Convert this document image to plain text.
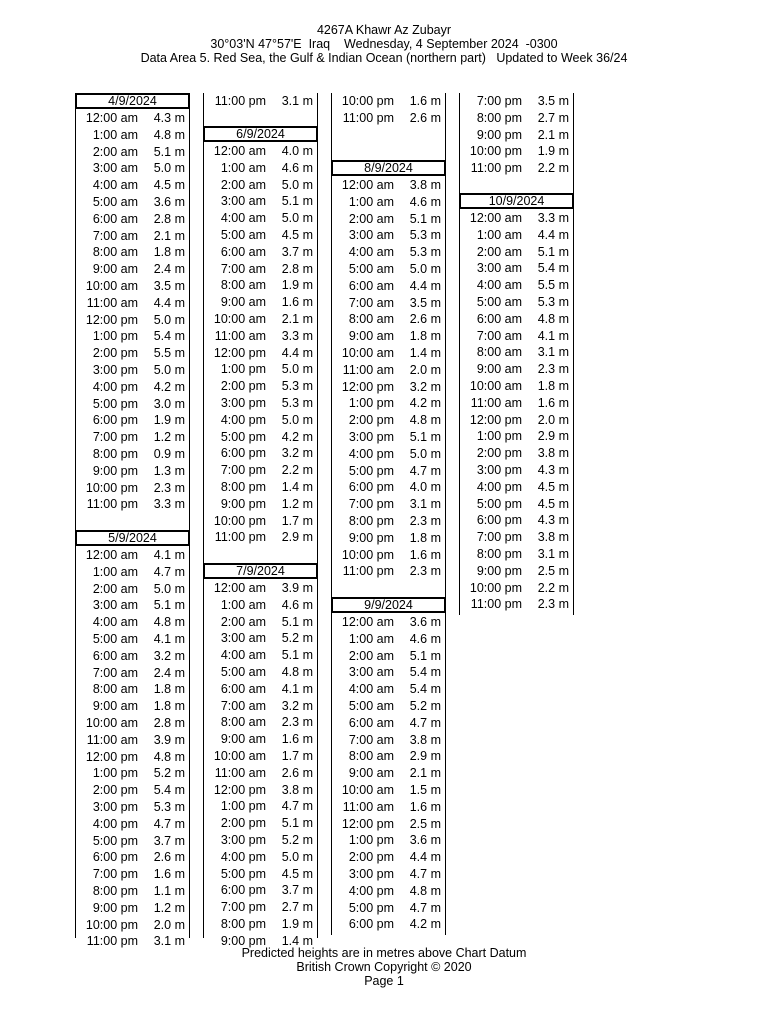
4267A Khawr Az Zubayr
30°03'N 47°57'E  Iraq    Wednesday, 4 September 2024  -0300
Data Area 5. Red Sea, the Gulf & Indian Ocean (northern part)   Updated to Week 36/24
4/9/2024
12:00 am 4.3 m
1:00 am 4.8 m
2:00 am 5.1 m
3:00 am 5.0 m
4:00 am 4.5 m
5:00 am 3.6 m
6:00 am 2.8 m
7:00 am 2.1 m
8:00 am 1.8 m
9:00 am 2.4 m
10:00 am 3.5 m
11:00 am 4.4 m
12:00 pm 5.0 m
1:00 pm 5.4 m
2:00 pm 5.5 m
3:00 pm 5.0 m
4:00 pm 4.2 m
5:00 pm 3.0 m
6:00 pm 1.9 m
7:00 pm 1.2 m
8:00 pm 0.9 m
9:00 pm 1.3 m
10:00 pm 2.3 m
11:00 pm 3.3 m
5/9/2024
12:00 am 4.1 m
1:00 am 4.7 m
2:00 am 5.0 m
3:00 am 5.1 m
4:00 am 4.8 m
5:00 am 4.1 m
6:00 am 3.2 m
7:00 am 2.4 m
8:00 am 1.8 m
9:00 am 1.8 m
10:00 am 2.8 m
11:00 am 3.9 m
12:00 pm 4.8 m
1:00 pm 5.2 m
2:00 pm 5.4 m
3:00 pm 5.3 m
4:00 pm 4.7 m
5:00 pm 3.7 m
6:00 pm 2.6 m
7:00 pm 1.6 m
8:00 pm 1.1 m
9:00 pm 1.2 m
10:00 pm 2.0 m
11:00 pm 3.1 m
11:00 pm 3.1 m
6/9/2024
12:00 am 4.0 m
1:00 am 4.6 m
2:00 am 5.0 m
3:00 am 5.1 m
4:00 am 5.0 m
5:00 am 4.5 m
6:00 am 3.7 m
7:00 am 2.8 m
8:00 am 1.9 m
9:00 am 1.6 m
10:00 am 2.1 m
11:00 am 3.3 m
12:00 pm 4.4 m
1:00 pm 5.0 m
2:00 pm 5.3 m
3:00 pm 5.3 m
4:00 pm 5.0 m
5:00 pm 4.2 m
6:00 pm 3.2 m
7:00 pm 2.2 m
8:00 pm 1.4 m
9:00 pm 1.2 m
10:00 pm 1.7 m
11:00 pm 2.9 m
7/9/2024
12:00 am 3.9 m
1:00 am 4.6 m
2:00 am 5.1 m
3:00 am 5.2 m
4:00 am 5.1 m
5:00 am 4.8 m
6:00 am 4.1 m
7:00 am 3.2 m
8:00 am 2.3 m
9:00 am 1.6 m
10:00 am 1.7 m
11:00 am 2.6 m
12:00 pm 3.8 m
1:00 pm 4.7 m
2:00 pm 5.1 m
3:00 pm 5.2 m
4:00 pm 5.0 m
5:00 pm 4.5 m
6:00 pm 3.7 m
7:00 pm 2.7 m
8:00 pm 1.9 m
9:00 pm 1.4 m
10:00 pm 1.6 m
11:00 pm 2.6 m
8/9/2024
12:00 am 3.8 m
1:00 am 4.6 m
2:00 am 5.1 m
3:00 am 5.3 m
4:00 am 5.3 m
5:00 am 5.0 m
6:00 am 4.4 m
7:00 am 3.5 m
8:00 am 2.6 m
9:00 am 1.8 m
10:00 am 1.4 m
11:00 am 2.0 m
12:00 pm 3.2 m
1:00 pm 4.2 m
2:00 pm 4.8 m
3:00 pm 5.1 m
4:00 pm 5.0 m
5:00 pm 4.7 m
6:00 pm 4.0 m
7:00 pm 3.1 m
8:00 pm 2.3 m
9:00 pm 1.8 m
10:00 pm 1.6 m
11:00 pm 2.3 m
9/9/2024
12:00 am 3.6 m
1:00 am 4.6 m
2:00 am 5.1 m
3:00 am 5.4 m
4:00 am 5.4 m
5:00 am 5.2 m
6:00 am 4.7 m
7:00 am 3.8 m
8:00 am 2.9 m
9:00 am 2.1 m
10:00 am 1.5 m
11:00 am 1.6 m
12:00 pm 2.5 m
1:00 pm 3.6 m
2:00 pm 4.4 m
3:00 pm 4.7 m
4:00 pm 4.8 m
5:00 pm 4.7 m
6:00 pm 4.2 m
7:00 pm 3.5 m
8:00 pm 2.7 m
9:00 pm 2.1 m
10:00 pm 1.9 m
11:00 pm 2.2 m
10/9/2024
12:00 am 3.3 m
1:00 am 4.4 m
2:00 am 5.1 m
3:00 am 5.4 m
4:00 am 5.5 m
5:00 am 5.3 m
6:00 am 4.8 m
7:00 am 4.1 m
8:00 am 3.1 m
9:00 am 2.3 m
10:00 am 1.8 m
11:00 am 1.6 m
12:00 pm 2.0 m
1:00 pm 2.9 m
2:00 pm 3.8 m
3:00 pm 4.3 m
4:00 pm 4.5 m
5:00 pm 4.5 m
6:00 pm 4.3 m
7:00 pm 3.8 m
8:00 pm 3.1 m
9:00 pm 2.5 m
10:00 pm 2.2 m
11:00 pm 2.3 m
Predicted heights are in metres above Chart Datum
British Crown Copyright © 2020
Page 1
